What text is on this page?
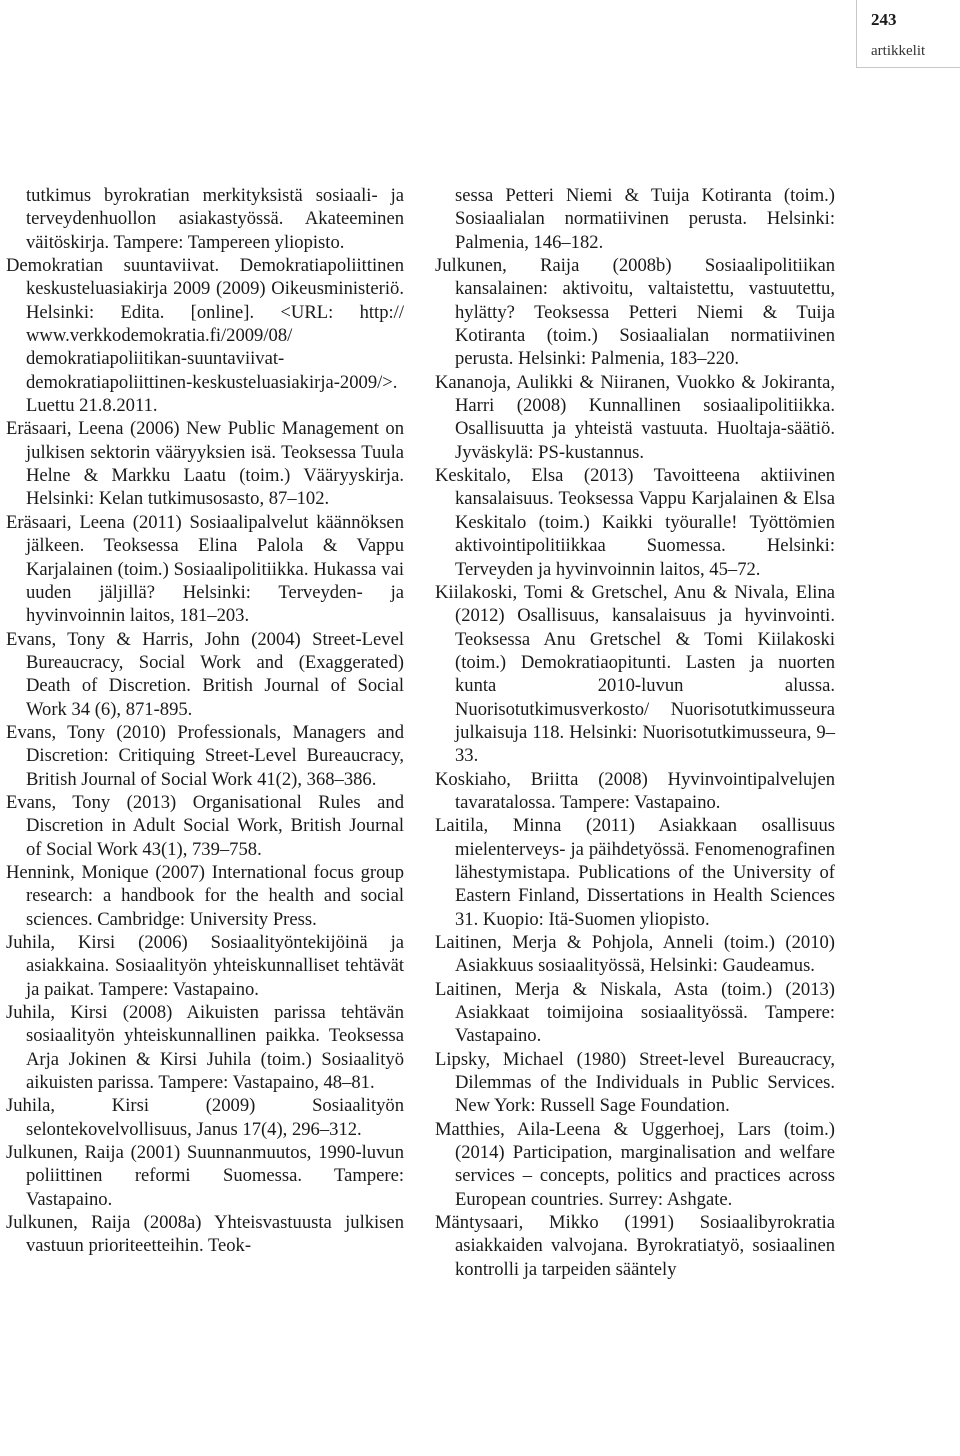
243
artikkelit

tutkimus byrokratian merkityksistä sosiaali- ja terveydenhuollon asiakastyössä. Akateeminen väitöskirja. Tampere: Tampereen yliopisto.

Demokratian suuntaviivat. Demokratiapoliittinen keskusteluasiakirja 2009 (2009) Oikeusministeriö. Helsinki: Edita. [online]. <URL: http:// www.verkkodemokratia.fi/2009/08/ demokratiapoliitikan-suuntaviivat-demokratiapoliittinen-keskusteluasiakirja-2009/>. Luettu 21.8.2011.

Eräsaari, Leena (2006) New Public Management on julkisen sektorin vääryyksien isä. Teoksessa Tuula Helne & Markku Laatu (toim.) Vääryyskirja. Helsinki: Kelan tutkimusosasto, 87–102.

Eräsaari, Leena (2011) Sosiaalipalvelut käännöksen jälkeen. Teoksessa Elina Palola & Vappu Karjalainen (toim.) Sosiaalipolitiikka. Hukassa vai uuden jäljillä? Helsinki: Terveyden- ja hyvinvoinnin laitos, 181–203.

Evans, Tony & Harris, John (2004) Street-Level Bureaucracy, Social Work and (Exaggerated) Death of Discretion. British Journal of Social Work 34 (6), 871-895.

Evans, Tony (2010) Professionals, Managers and Discretion: Critiquing Street-Level Bureaucracy, British Journal of Social Work 41(2), 368–386.

Evans, Tony (2013) Organisational Rules and Discretion in Adult Social Work, British Journal of Social Work 43(1), 739–758.

Hennink, Monique (2007) International focus group research: a handbook for the health and social sciences. Cambridge: University Press.

Juhila, Kirsi (2006) Sosiaalityöntekijöinä ja asiakkaina. Sosiaalityön yhteiskunnalliset tehtävät ja paikat. Tampere: Vastapaino.

Juhila, Kirsi (2008) Aikuisten parissa tehtävän sosiaalityön yhteiskunnallinen paikka. Teoksessa Arja Jokinen & Kirsi Juhila (toim.) Sosiaalityö aikuisten parissa. Tampere: Vastapaino, 48–81.

Juhila, Kirsi (2009) Sosiaalityön selontekovelvollisuus, Janus 17(4), 296–312.

Julkunen, Raija (2001) Suunnanmuutos, 1990-luvun poliittinen reformi Suomessa. Tampere: Vastapaino.

Julkunen, Raija (2008a) Yhteisvastuusta julkisen vastuun prioriteetteihin. Teok-

sessa Petteri Niemi & Tuija Kotiranta (toim.) Sosiaalialan normatiivinen perusta. Helsinki: Palmenia, 146–182.

Julkunen, Raija (2008b) Sosiaalipolitiikan kansalainen: aktivoitu, valtaistettu, vastuutettu, hylätty? Teoksessa Petteri Niemi & Tuija Kotiranta (toim.) Sosiaalialan normatiivinen perusta. Helsinki: Palmenia, 183–220.

Kananoja, Aulikki & Niiranen, Vuokko & Jokiranta, Harri (2008) Kunnallinen sosiaalipolitiikka. Osallisuutta ja yhteistä vastuuta. Huoltaja-säätiö. Jyväskylä: PS-kustannus.

Keskitalo, Elsa (2013) Tavoitteena aktiivinen kansalaisuus. Teoksessa Vappu Karjalainen & Elsa Keskitalo (toim.) Kaikki työuralle! Työttömien aktivointipolitiikkaa Suomessa. Helsinki: Terveyden ja hyvinvoinnin laitos, 45–72.

Kiilakoski, Tomi & Gretschel, Anu & Nivala, Elina (2012) Osallisuus, kansalaisuus ja hyvinvointi. Teoksessa Anu Gretschel & Tomi Kiilakoski (toim.) Demokratiaopitunti. Lasten ja nuorten kunta 2010-luvun alussa. Nuorisotutkimusverkosto/ Nuorisotutkimusseura julkaisuja 118. Helsinki: Nuorisotutkimusseura, 9–33.

Koskiaho, Briitta (2008) Hyvinvointipalvelujen tavaratalossa. Tampere: Vastapaino.

Laitila, Minna (2011) Asiakkaan osallisuus mielenterveys- ja päihdetyössä. Fenomenografinen lähestymistapa. Publications of the University of Eastern Finland, Dissertations in Health Sciences 31. Kuopio: Itä-Suomen yliopisto.

Laitinen, Merja & Pohjola, Anneli (toim.) (2010) Asiakkuus sosiaalityössä, Helsinki: Gaudeamus.

Laitinen, Merja & Niskala, Asta (toim.) (2013) Asiakkaat toimijoina sosiaalityössä. Tampere: Vastapaino.

Lipsky, Michael (1980) Street-level Bureaucracy, Dilemmas of the Individuals in Public Services. New York: Russell Sage Foundation.

Matthies, Aila-Leena & Uggerhoej, Lars (toim.) (2014) Participation, marginalisation and welfare services – concepts, politics and practices across European countries. Surrey: Ashgate.

Mäntysaari, Mikko (1991) Sosiaalibyrokratia asiakkaiden valvojana. Byrokratiatyö, sosiaalinen kontrolli ja tarpeiden sääntely
